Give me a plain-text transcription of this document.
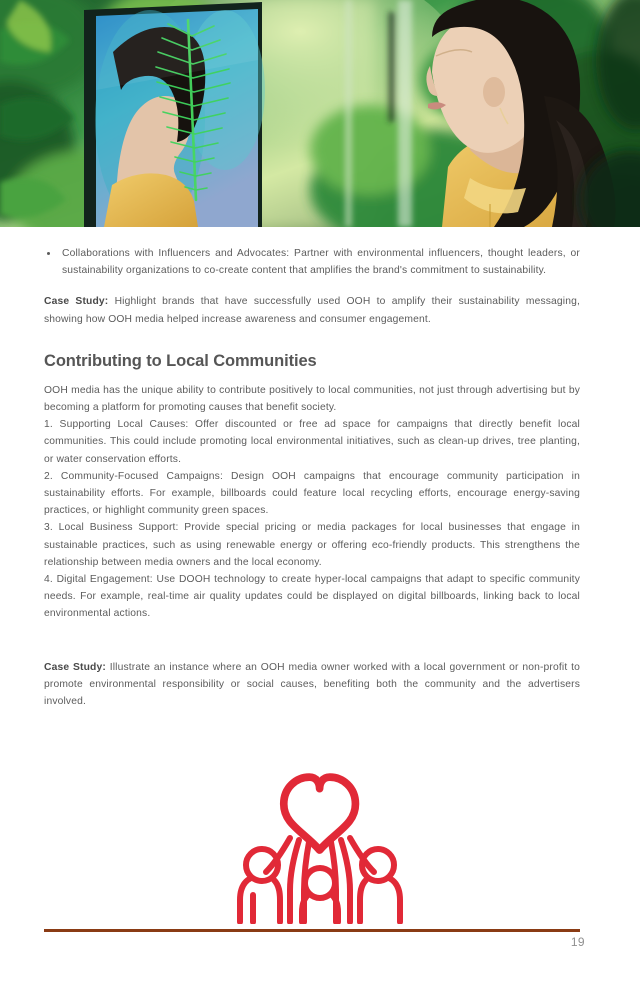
Collaborations with Influencers and Advocates: Partner with environmental influencers, thought leaders, or sustainability organizations to co-create content that amplifies the brand's commitment to sustainability.

Case Study: Highlight brands that have successfully used OOH to amplify their sustainability messaging, showing how OOH media helped increase awareness and consumer engagement.

Contributing to Local Communities

OOH media has the unique ability to contribute positively to local communities, not just through advertising but by becoming a platform for promoting causes that benefit society.

1. Supporting Local Causes: Offer discounted or free ad space for campaigns that directly benefit local communities. This could include promoting local environmental initiatives, such as clean-up drives, tree planting, or water conservation efforts.

2. Community-Focused Campaigns: Design OOH campaigns that encourage community participation in sustainability efforts. For example, billboards could feature local recycling efforts, encourage energy-saving practices, or highlight community green spaces.

3. Local Business Support: Provide special pricing or media packages for local businesses that engage in sustainable practices, such as using renewable energy or offering eco-friendly products. This strengthens the relationship between media owners and the local economy.

4. Digital Engagement: Use DOOH technology to create hyper-local campaigns that adapt to specific community needs. For example, real-time air quality updates could be displayed on digital billboards, linking back to local environmental actions.

Case Study: Illustrate an instance where an OOH media owner worked with a local government or non-profit to promote environmental responsibility or social causes, benefiting both the community and the advertisers involved.

19
